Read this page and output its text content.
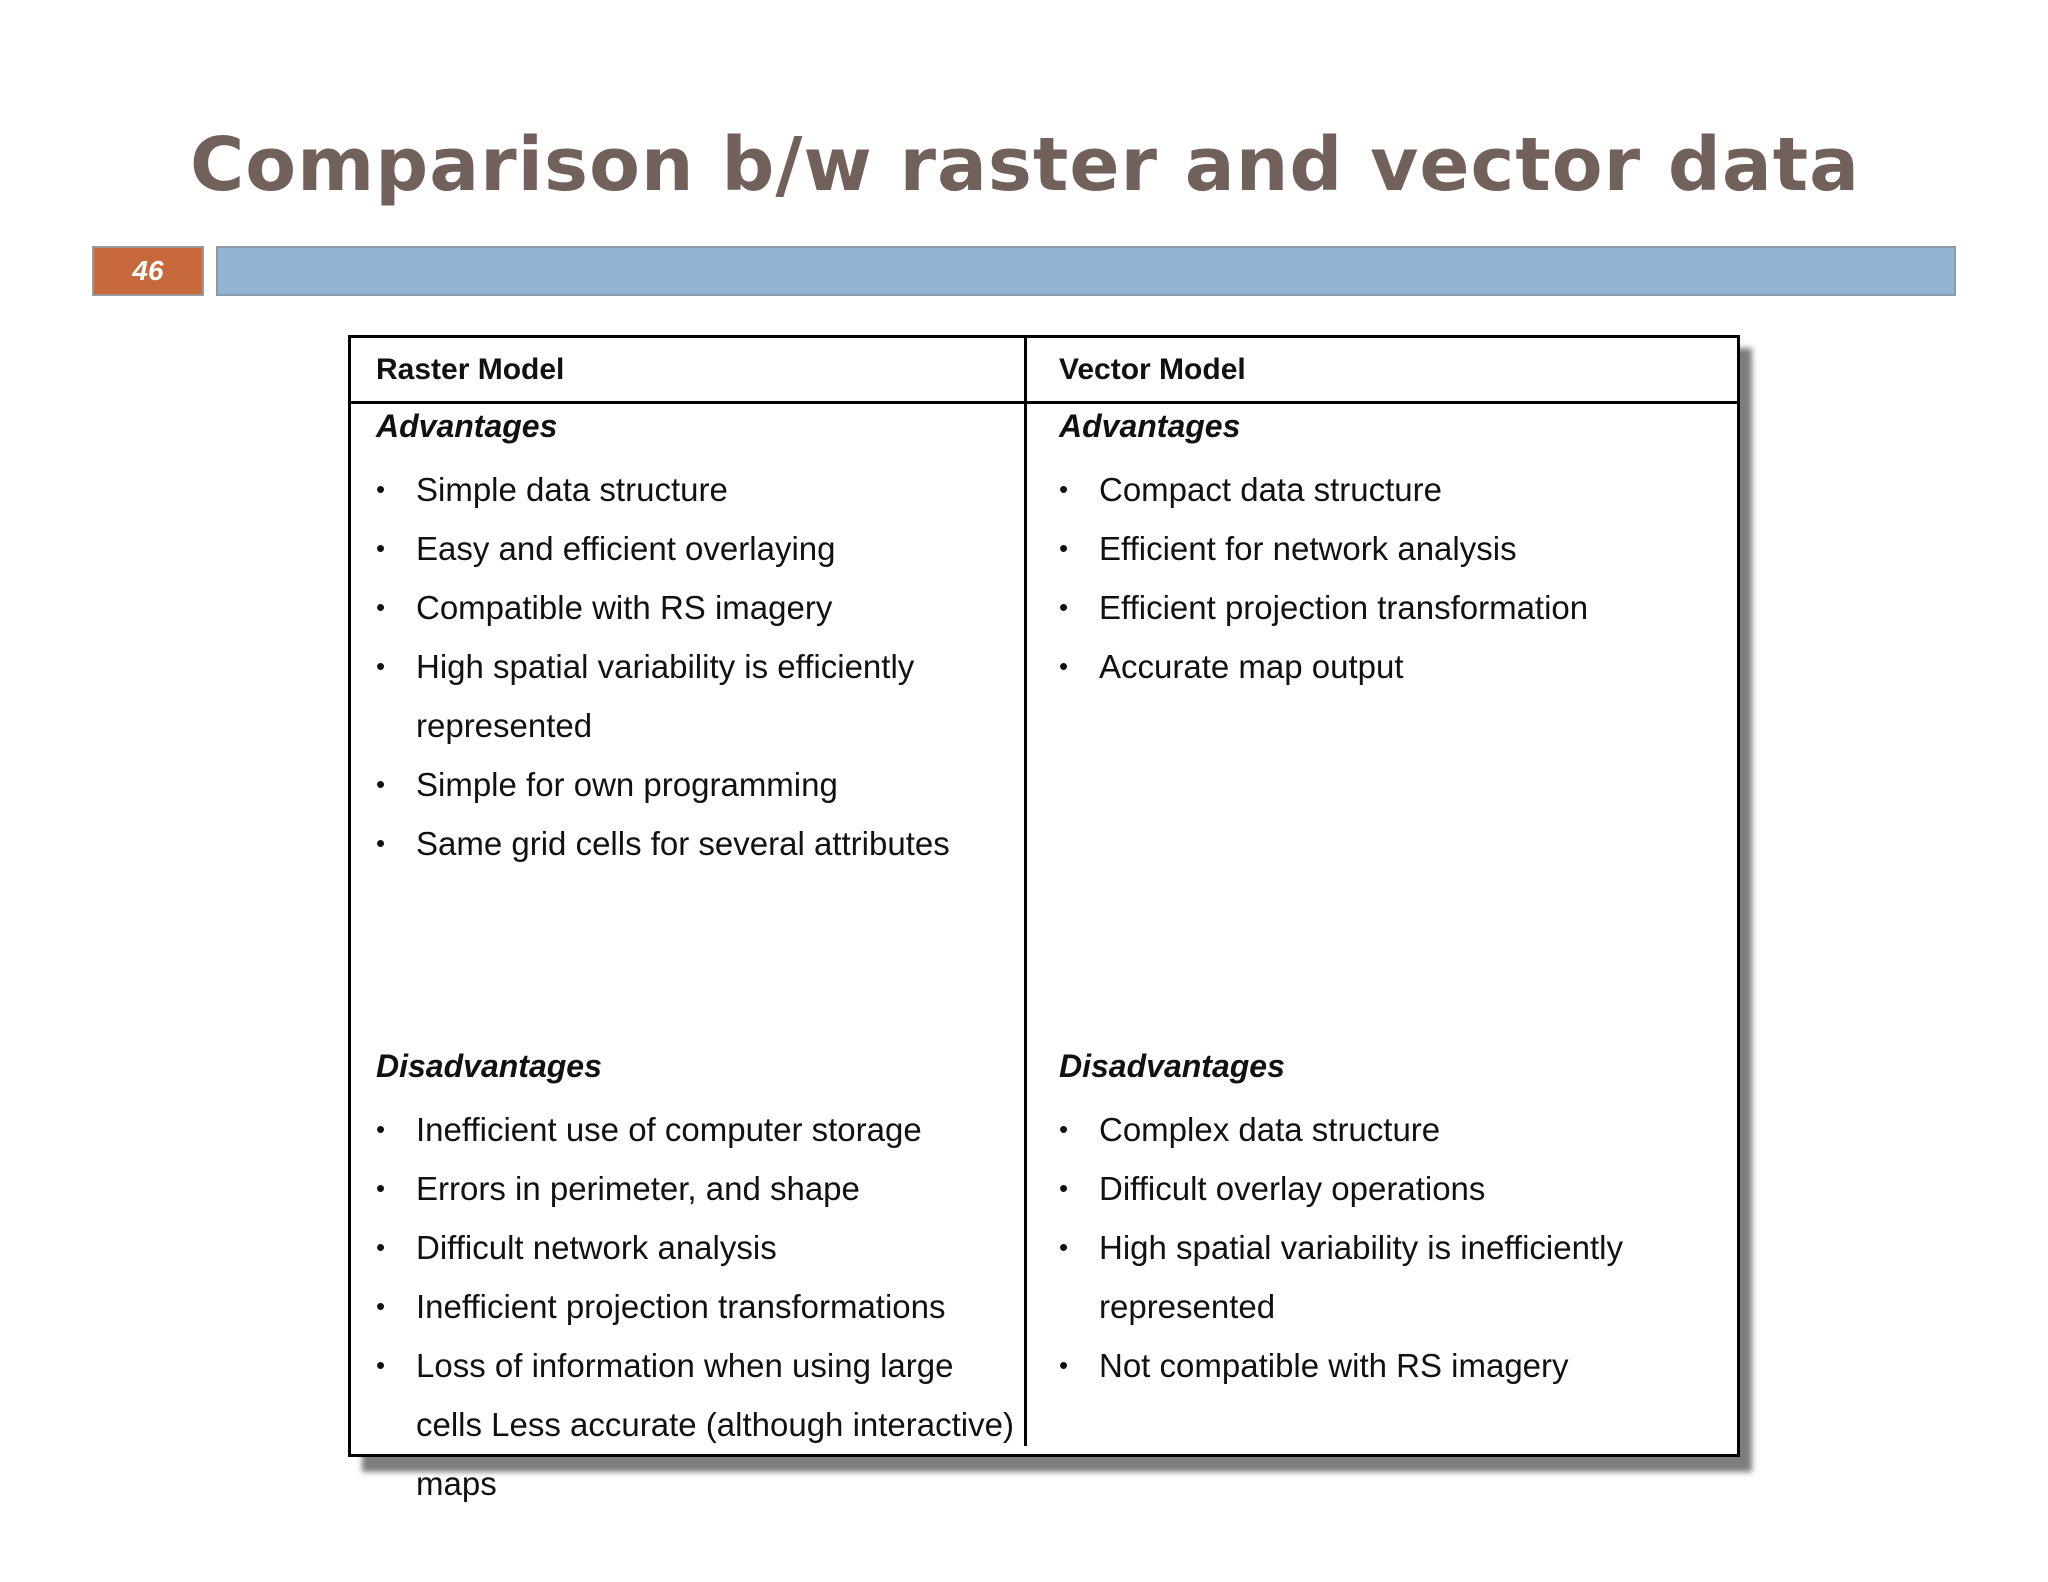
Comparison b/w raster and vector data
46
Raster Model	Vector Model
Advantages
• Simple data structure
• Easy and efficient overlaying
• Compatible with RS imagery
• High spatial variability is efficiently represented
• Simple for own programming
• Same grid cells for several attributes
Disadvantages
• Inefficient use of computer storage
• Errors in perimeter, and shape
• Difficult network analysis
• Inefficient projection transformations
• Loss of information when using large cells Less accurate (although interactive) maps
Advantages
• Compact data structure
• Efficient for network analysis
• Efficient projection transformation
• Accurate map output
Disadvantages
• Complex data structure
• Difficult overlay operations
• High spatial variability is inefficiently represented
• Not compatible with RS imagery
